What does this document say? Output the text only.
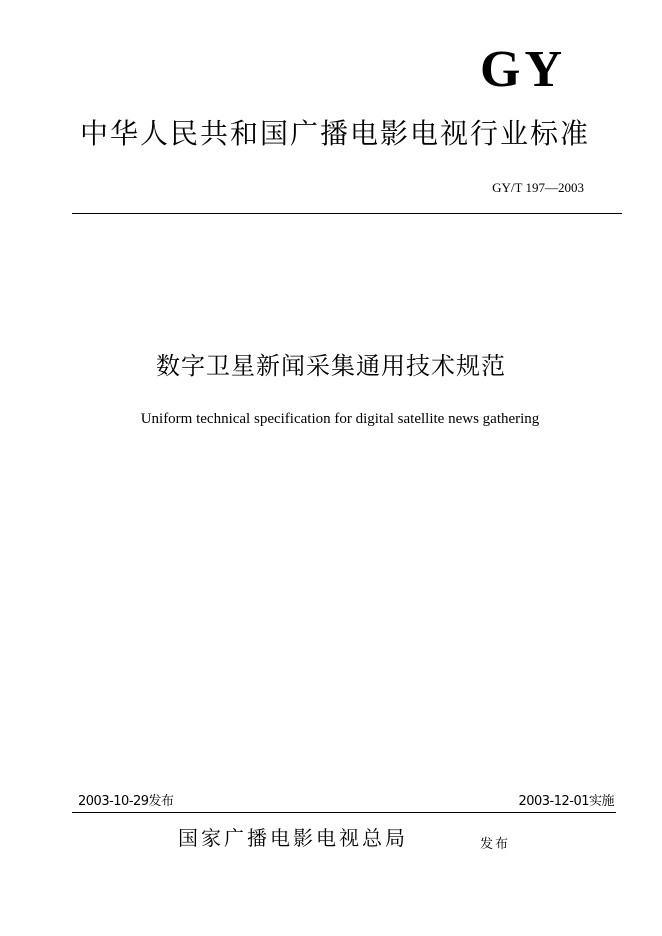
GY
中华人民共和国广播电影电视行业标准
GY/T 197—2003
数字卫星新闻采集通用技术规范
Uniform technical specification for digital satellite news gathering
2003-10-29发布	2003-12-01实施
国家广播电影电视总局	发布
